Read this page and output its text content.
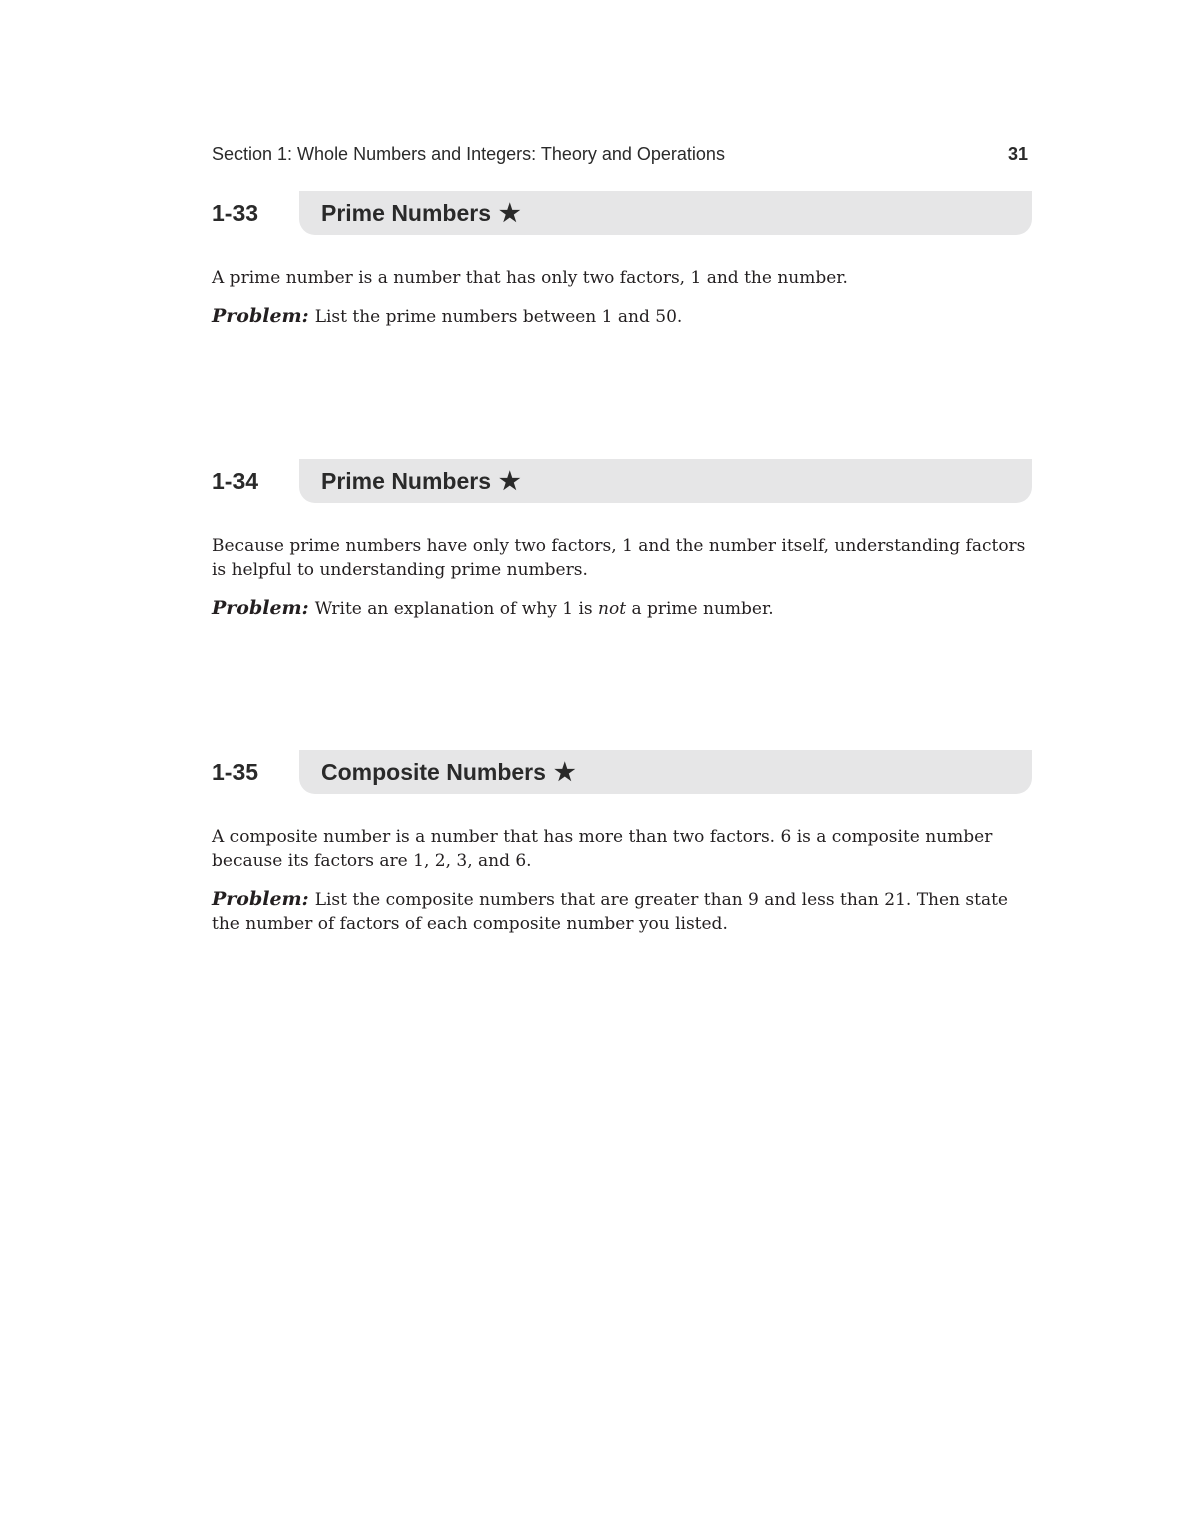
Section 1: Whole Numbers and Integers: Theory and Operations	31
1-33	Prime Numbers ★

A prime number is a number that has only two factors, 1 and the number.

Problem: List the prime numbers between 1 and 50.

1-34	Prime Numbers ★

Because prime numbers have only two factors, 1 and the number itself, understanding factors is helpful to understanding prime numbers.

Problem: Write an explanation of why 1 is not a prime number.

1-35	Composite Numbers ★

A composite number is a number that has more than two factors. 6 is a composite number because its factors are 1, 2, 3, and 6.

Problem: List the composite numbers that are greater than 9 and less than 21. Then state the number of factors of each composite number you listed.
